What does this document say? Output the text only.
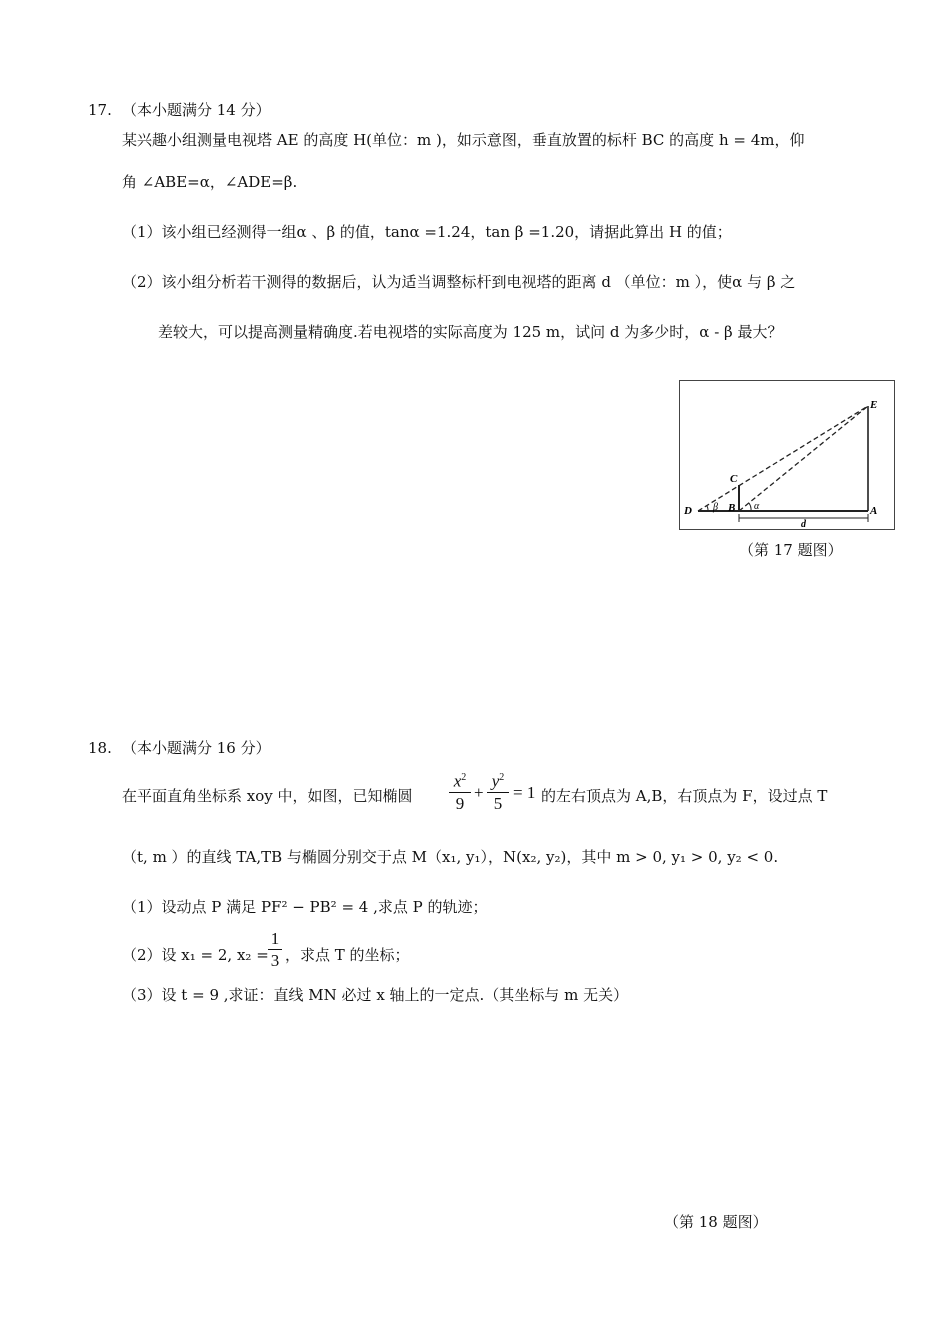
17. （本小题满分 14 分）
某兴趣小组测量电视塔 AE 的高度 H(单位：m )，如示意图，垂直放置的标杆 BC 的高度 h = 4m，仰
角 ∠ABE=α，∠ADE=β.
（1）该小组已经测得一组α 、β 的值，tanα =1.24，tan β =1.20，请据此算出 H 的值；
（2）该小组分析若干测得的数据后，认为适当调整标杆到电视塔的距离 d （单位：m ），使α 与 β 之
差较大，可以提高测量精确度.若电视塔的实际高度为 125 m，试问 d 为多少时，α - β 最大？
E
C
D	B	A
β	α
d
（第 17 题图）
18. （本小题满分 16 分）
在平面直角坐标系 xoy 中，如图，已知椭圆 $\frac{x^2}{9} + \frac{y^2}{5} = 1$ 的左右顶点为 A,B，右顶点为 F，设过点 T
（t, m ）的直线 TA,TB 与椭圆分别交于点 M（x₁, y₁），N(x₂, y₂)，其中 m > 0, y₁ > 0, y₂ < 0.
（1）设动点 P 满足 PF² − PB² = 4 ,求点 P 的轨迹；
（2）设 x₁ = 2, $x_2 = \frac{1}{3}$ ，求点 T 的坐标；
（3）设 t = 9 ,求证：直线 MN 必过 x 轴上的一定点.（其坐标与 m 无关）
（第 18 题图）
